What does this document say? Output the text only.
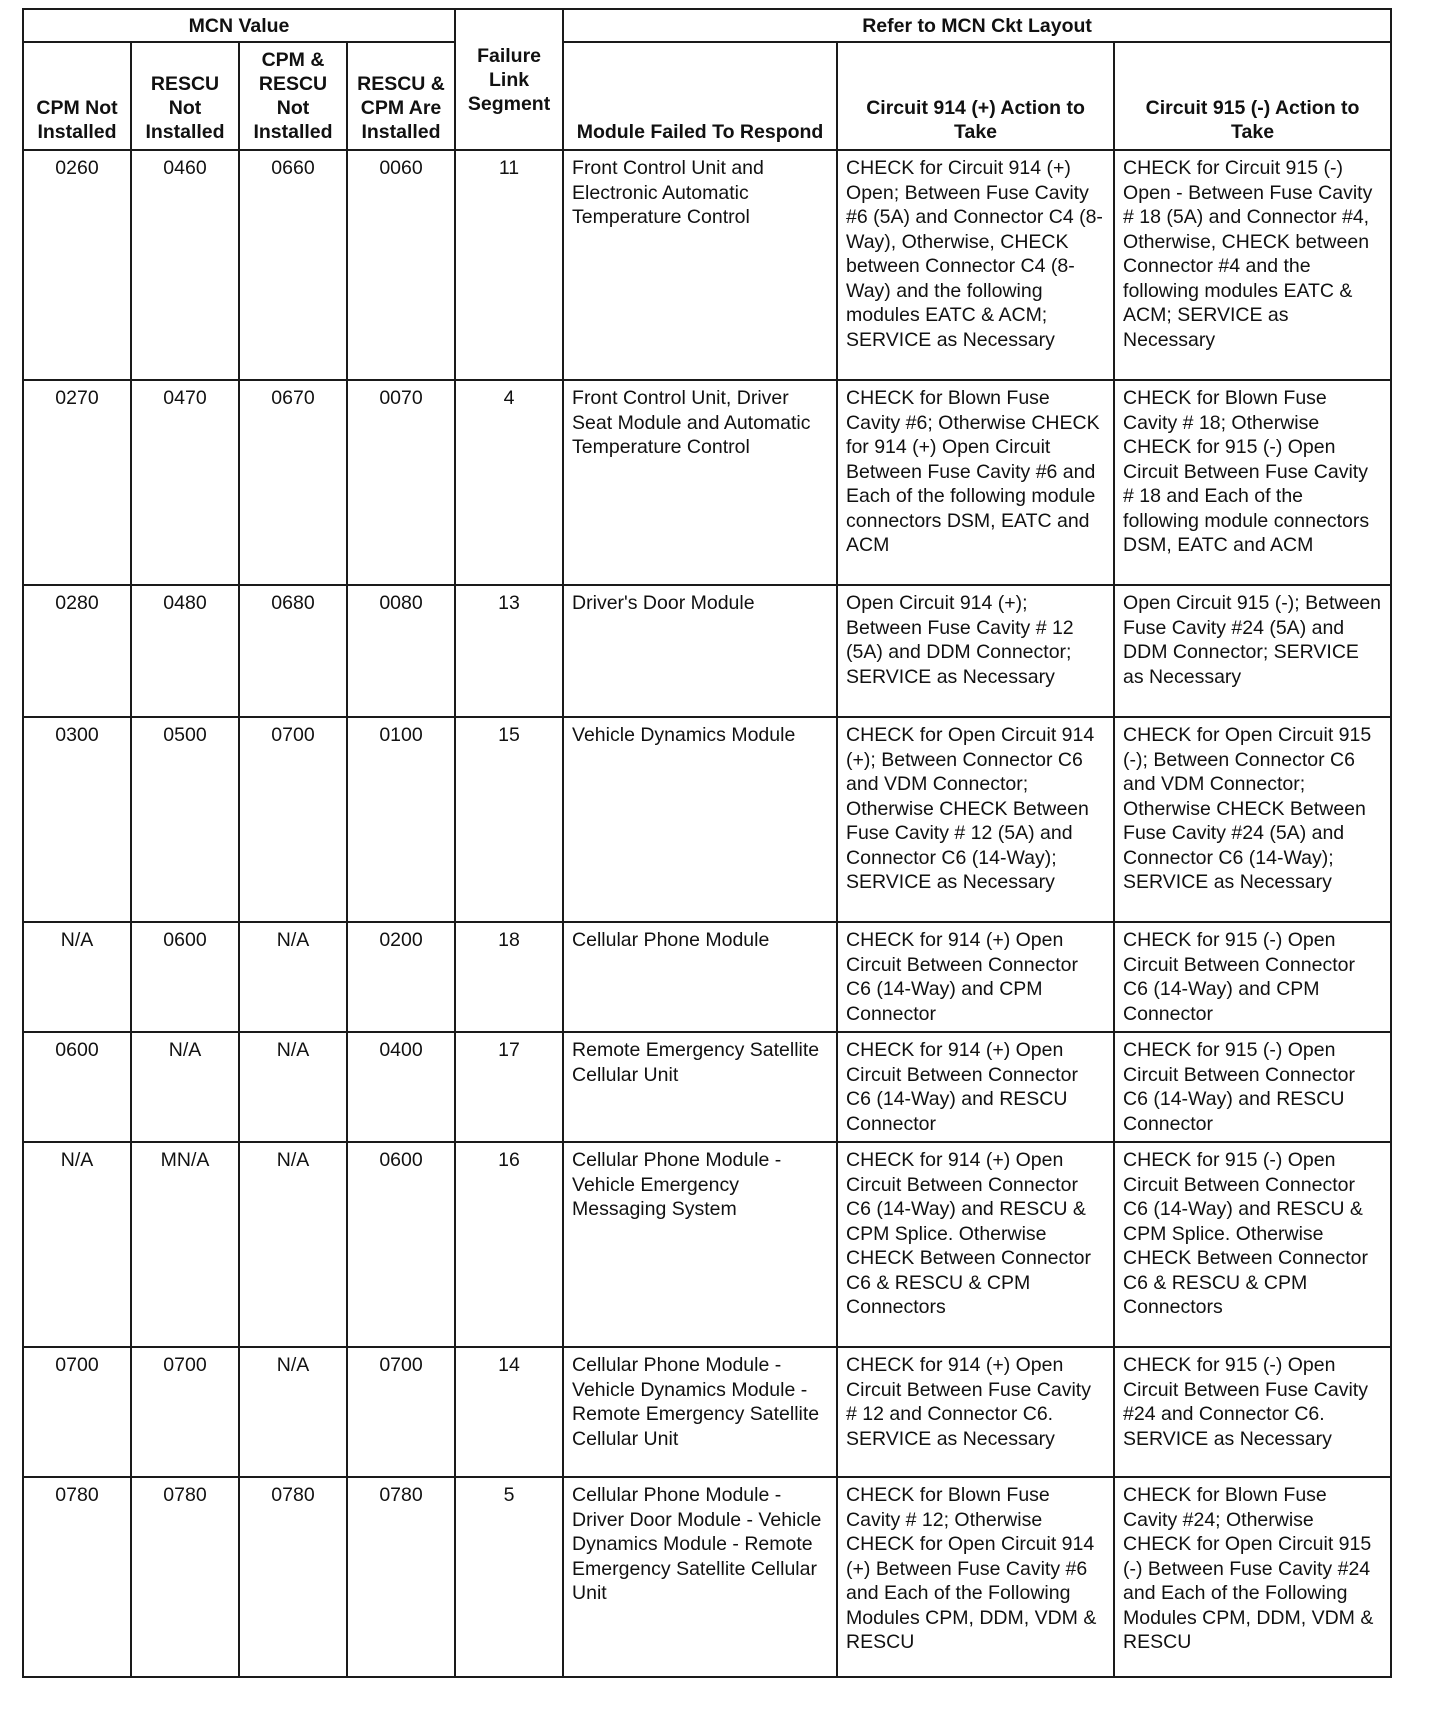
MCN Value				Failure Link Segment	Refer to MCN Ckt Layout		
CPM Not Installed	RESCU Not Installed	CPM & RESCU Not Installed	RESCU & CPM Are Installed		Module Failed To Respond	Circuit 914 (+) Action to Take	Circuit 915 (-) Action to Take
0260	0460	0660	0060	11	Front Control Unit and Electronic Automatic Temperature Control	CHECK for Circuit 914 (+) Open; Between Fuse Cavity #6 (5A) and Connector C4 (8-Way), Otherwise, CHECK between Connector C4 (8-Way) and the following modules EATC & ACM; SERVICE as Necessary	CHECK for Circuit 915 (-) Open - Between Fuse Cavity # 18 (5A) and Connector #4, Otherwise, CHECK between Connector #4 and the following modules EATC & ACM; SERVICE as Necessary
0270	0470	0670	0070	4	Front Control Unit, Driver Seat Module and Automatic Temperature Control	CHECK for Blown Fuse Cavity #6; Otherwise CHECK for 914 (+) Open Circuit Between Fuse Cavity #6 and Each of the following module connectors DSM, EATC and ACM	CHECK for Blown Fuse Cavity # 18; Otherwise CHECK for 915 (-) Open Circuit Between Fuse Cavity # 18 and Each of the following module connectors DSM, EATC and ACM
0280	0480	0680	0080	13	Driver's Door Module	Open Circuit 914 (+); Between Fuse Cavity # 12 (5A) and DDM Connector; SERVICE as Necessary	Open Circuit 915 (-); Between Fuse Cavity #24 (5A) and DDM Connector; SERVICE as Necessary
0300	0500	0700	0100	15	Vehicle Dynamics Module	CHECK for Open Circuit 914 (+); Between Connector C6 and VDM Connector; Otherwise CHECK Between Fuse Cavity # 12 (5A) and Connector C6 (14-Way); SERVICE as Necessary	CHECK for Open Circuit 915 (-); Between Connector C6 and VDM Connector; Otherwise CHECK Between Fuse Cavity #24 (5A) and Connector C6 (14-Way); SERVICE as Necessary
N/A	0600	N/A	0200	18	Cellular Phone Module	CHECK for 914 (+) Open Circuit Between Connector C6 (14-Way) and CPM Connector	CHECK for 915 (-) Open Circuit Between Connector C6 (14-Way) and CPM Connector
0600	N/A	N/A	0400	17	Remote Emergency Satellite Cellular Unit	CHECK for 914 (+) Open Circuit Between Connector C6 (14-Way) and RESCU Connector	CHECK for 915 (-) Open Circuit Between Connector C6 (14-Way) and RESCU Connector
N/A	MN/A	N/A	0600	16	Cellular Phone Module - Vehicle Emergency Messaging System	CHECK for 914 (+) Open Circuit Between Connector C6 (14-Way) and RESCU & CPM Splice. Otherwise CHECK Between Connector C6 & RESCU & CPM Connectors	CHECK for 915 (-) Open Circuit Between Connector C6 (14-Way) and RESCU & CPM Splice. Otherwise CHECK Between Connector C6 & RESCU & CPM Connectors
0700	0700	N/A	0700	14	Cellular Phone Module - Vehicle Dynamics Module - Remote Emergency Satellite Cellular Unit	CHECK for 914 (+) Open Circuit Between Fuse Cavity # 12 and Connector C6. SERVICE as Necessary	CHECK for 915 (-) Open Circuit Between Fuse Cavity #24 and Connector C6. SERVICE as Necessary
0780	0780	0780	0780	5	Cellular Phone Module - Driver Door Module - Vehicle Dynamics Module - Remote Emergency Satellite Cellular Unit	CHECK for Blown Fuse Cavity # 12; Otherwise CHECK for Open Circuit 914 (+) Between Fuse Cavity #6 and Each of the Following Modules CPM, DDM, VDM & RESCU	CHECK for Blown Fuse Cavity #24; Otherwise CHECK for Open Circuit 915 (-) Between Fuse Cavity #24 and Each of the Following Modules CPM, DDM, VDM & RESCU
